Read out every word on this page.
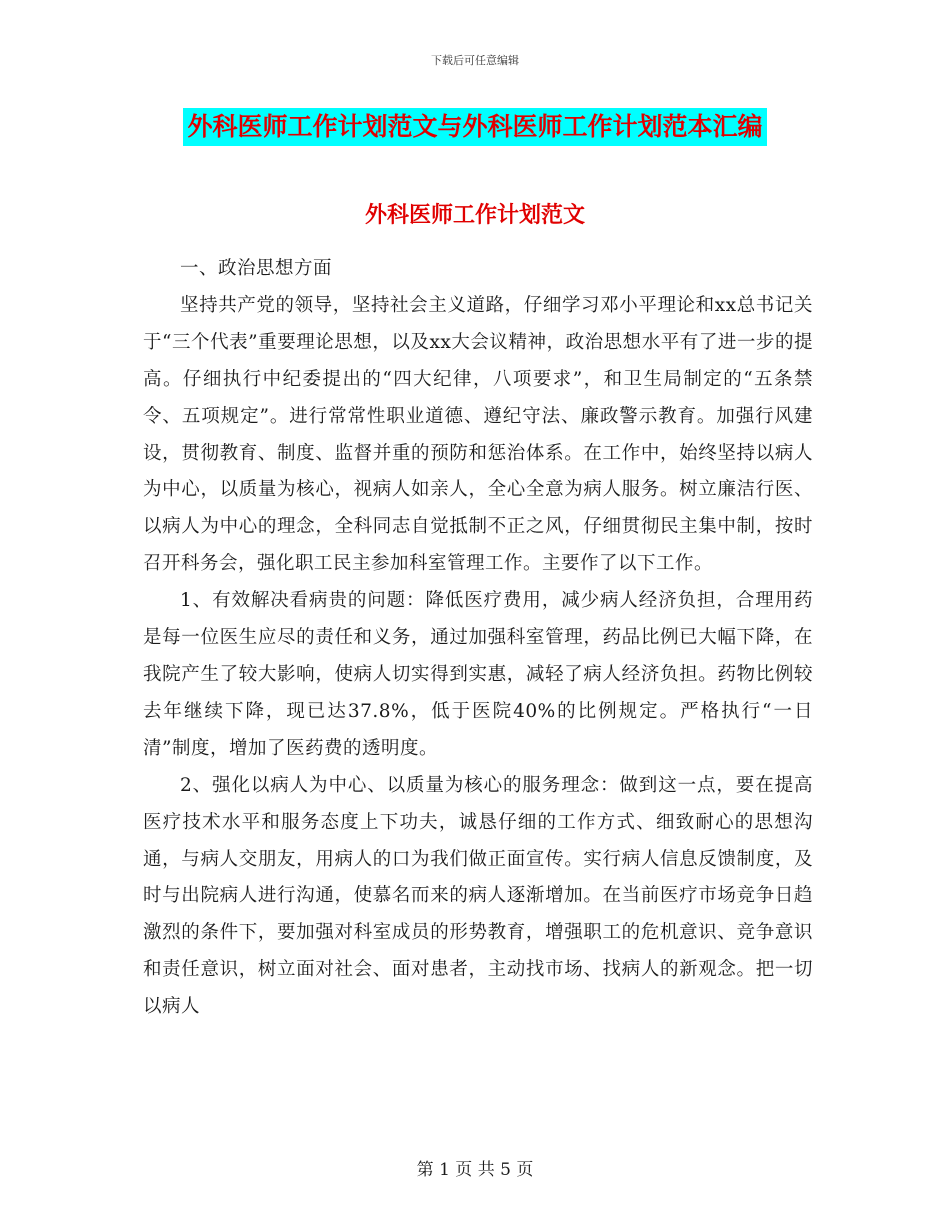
下载后可任意编辑
外科医师工作计划范文与外科医师工作计划范本汇编
外科医师工作计划范文

一、政治思想方面

坚持共产党的领导，坚持社会主义道路，仔细学习邓小平理论和xx总书记关于“三个代表”重要理论思想，以及xx大会议精神，政治思想水平有了进一步的提高。仔细执行中纪委提出的“四大纪律，八项要求”，和卫生局制定的“五条禁令、五项规定”。进行常常性职业道德、遵纪守法、廉政警示教育。加强行风建设，贯彻教育、制度、监督并重的预防和惩治体系。在工作中，始终坚持以病人为中心，以质量为核心，视病人如亲人，全心全意为病人服务。树立廉洁行医、以病人为中心的理念，全科同志自觉抵制不正之风，仔细贯彻民主集中制，按时召开科务会，强化职工民主参加科室管理工作。主要作了以下工作。

1、有效解决看病贵的问题：降低医疗费用，减少病人经济负担，合理用药是每一位医生应尽的责任和义务，通过加强科室管理，药品比例已大幅下降，在我院产生了较大影响，使病人切实得到实惠，减轻了病人经济负担。药物比例较去年继续下降，现已达37.8%，低于医院40%的比例规定。严格执行“一日清”制度，增加了医药费的透明度。

2、强化以病人为中心、以质量为核心的服务理念：做到这一点，要在提高医疗技术水平和服务态度上下功夫，诚恳仔细的工作方式、细致耐心的思想沟通，与病人交朋友，用病人的口为我们做正面宣传。实行病人信息反馈制度，及时与出院病人进行沟通，使慕名而来的病人逐渐增加。在当前医疗市场竞争日趋激烈的条件下，要加强对科室成员的形势教育，增强职工的危机意识、竞争意识和责任意识，树立面对社会、面对患者，主动找市场、找病人的新观念。把一切以病人

第 1 页 共 5 页
